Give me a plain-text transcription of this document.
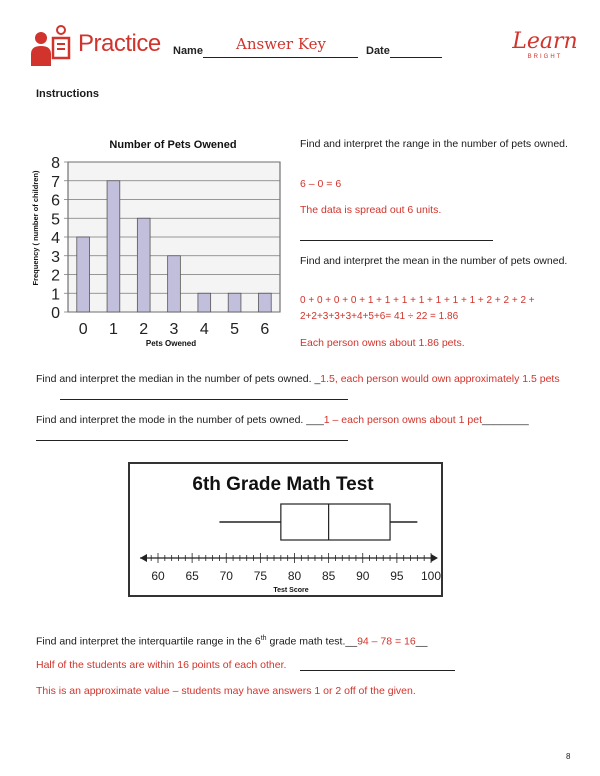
Practice Name Answer Key	Date	Learn
BRIGHT
Instructions
Number of Pets Owened
Frequency ( number of children)
Pets Owened
0
1
2
3
4
5
6
7
8
0 1 2 3 4 5 6
Find and interpret the range in the number of pets owned.
6 – 0 = 6
The data is spread out 6 units.
Find and interpret the mean in the number of pets owned.
0 + 0 + 0 + 0 + 1 + 1 + 1 + 1 + 1 + 1 + 1 + 2 + 2 + 2 +
2+2+3+3+3+4+5+6= 41 ÷ 22 = 1.86
Each person owns about 1.86 pets.
Find and interpret the median in the number of pets owned. _1.5, each person would own approximately 1.5 pets
Find and interpret the mode in the number of pets owned. ___1 – each person owns about 1 pet________
6th Grade Math Test
Test Score
60 65 70 75 80 85 90 95 100
Find and interpret the interquartile range in the 6th grade math test.__94 – 78 = 16__
Half of the students are within 16 points of each other.
This is an approximate value – students may have answers 1 or 2 off of the given.
8
